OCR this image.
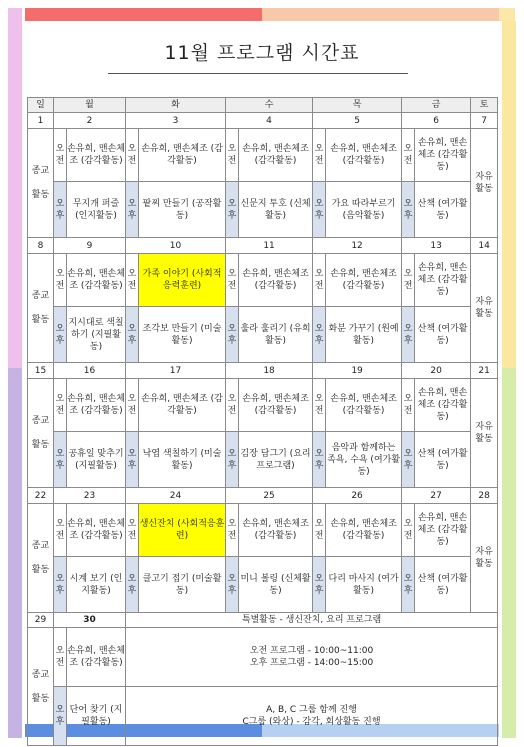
11월 프로그램 시간표
일	월		화		수		목		금		토
1	2		3		4		5		6		7
종교

활동	오전	손유희, 맨손체조 (감각활동)	오전	손유희, 맨손체조 (감각활동)	오전	손유희, 맨손체조 (감각활동)	오전	손유희, 맨손체조 (감각활동)	오전	손유희, 맨손체조 (감각활동)	자유활동
	오후	무지개 퍼즐 (인지활동)	오후	팥찌 만들기 (공작활동)	오후	신문지 투호 (신체활동)	오후	가요 따라부르기 (음악활동)	오후	산책 (여가활동)	
8	9		10		11		12		13		14
종교

활동	오전	손유희, 맨손체조 (감각활동)	오전	가족 이야기 (사회적응력훈련)	오전	손유희, 맨손체조 (감각활동)	오전	손유희, 맨손체조 (감각활동)	오전	손유희, 맨손체조 (감각활동)	자유활동
	오후	지시대로 색칠하기 (지필활동)	오후	조각보 만들기 (미술활동)	오후	훌라 훌리기 (유희활동)	오후	화분 가꾸기 (원예활동)	오후	산책 (여가활동)	
15	16		17		18		19		20		21
종교

활동	오전	손유희, 맨손체조 (감각활동)	오전	손유희, 맨손체조 (감각활동)	오전	손유희, 맨손체조 (감각활동)	오전	손유희, 맨손체조 (감각활동)	오전	손유희, 맨손체조 (감각활동)	자유활동
	오후	공휴일 맞추기 (지필활동)	오후	낙엽 색칠하기 (미술활동)	오후	김장 담그기 (요리프로그램)	오후	음악과 함께하는 족욕, 수욕 (여가활동)	오후	산책 (여가활동)	
22	23		24		25		26		27		28
종교

활동	오전	손유희, 맨손체조 (감각활동)	오전	생신잔치 (사회적응훈련)	오전	손유희, 맨손체조 (감각활동)	오전	손유희, 맨손체조 (감각활동)	오전	손유희, 맨손체조 (감각활동)	자유활동
	오후	시계 보기 (인지활동)	오후	클고기 접기 (미술활동)	오후	미니 볼링 (신체활동)	오후	다리 마사지 (여가활동)	오후	산책 (여가활동)	
29	30		특별활동 - 생신잔치, 요리 프로그램								
종교

활동	오전	손유희, 맨손체조 (감각활동)	오전 프로그램 - 10:00~11:00
오후 프로그램 - 14:00~15:00								
	오후	단어 찾기 (지필활동)	A, B, C 그룹 함께 진행
C그룹 (와상) - 감각, 회상활동 진행								
